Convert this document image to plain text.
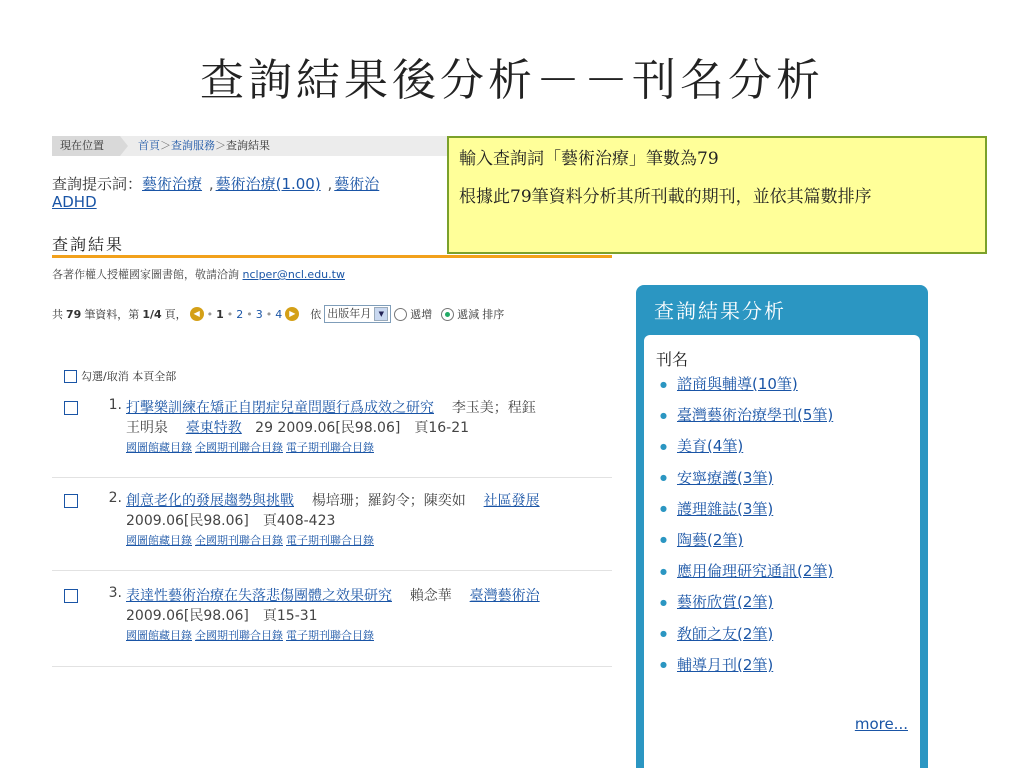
查詢結果後分析－－刊名分析
現在位置	首頁＞查詢服務＞查詢結果
查詢提示詞：藝術治療 , 藝術治療(1.00) , 藝術治
ADHD
查詢結果
各著作權人授權國家圖書館，敬請洽詢 nclper@ncl.edu.tw
共 79 筆資料，第 1/4 頁， ◀ • 1 • 2 • 3 • 4 ▶	依 出版年月	▼	遞增 遞減 排序
勾選/取消 本頁全部
1. 打擊樂訓練在矯正自閉症兒童問題行爲成效之研究 李玉美；程鈺
王明泉 臺東特教 29 2009.06[民98.06]　頁16-21
國圖館藏目錄 全國期刊聯合目錄 電子期刊聯合目錄
2. 創意老化的發展趨勢與挑戰 楊培珊；羅鈞令；陳奕如 社區發展
2009.06[民98.06]　頁408-423
國圖館藏目錄 全國期刊聯合目錄 電子期刊聯合目錄
3. 表達性藝術治療在失落悲傷團體之效果研究 賴念華 臺灣藝術治
2009.06[民98.06]　頁15-31
國圖館藏目錄 全國期刊聯合目錄 電子期刊聯合目錄
輸入查詢詞「藝術治療」筆數為79
根據此79筆資料分析其所刊載的期刊，並依其篇數排序
查詢結果分析
刊名
● 諮商與輔導(10筆)
● 臺灣藝術治療學刊(5筆)
● 美育(4筆)
● 安寧療護(3筆)
● 護理雜誌(3筆)
● 陶藝(2筆)
● 應用倫理研究通訊(2筆)
● 藝術欣賞(2筆)
● 敎師之友(2筆)
● 輔導月刊(2筆)
more...
